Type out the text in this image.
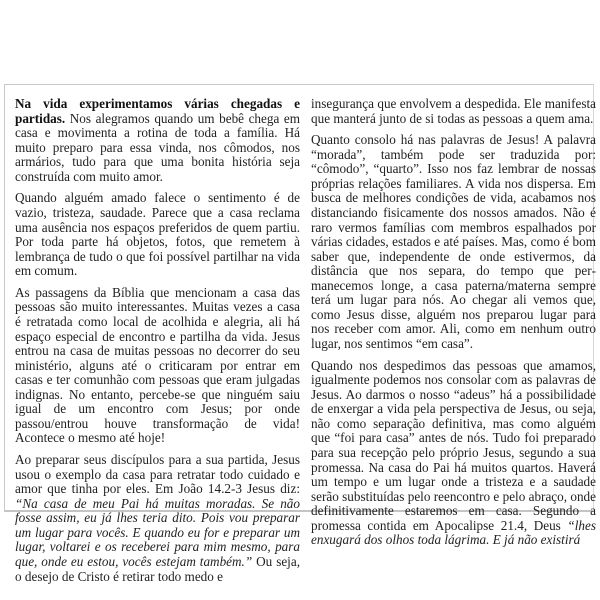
Na vida experimentamos várias chegadas e partidas. Nos alegramos quando um bebê chega em casa e movimenta a rotina de toda a família. Há muito preparo para essa vinda, nos cômodos, nos armários, tudo para que uma bonita história seja construída com muito amor.

Quando alguém amado falece o sentimento é de vazio, tristeza, saudade. Parece que a casa reclama uma ausência nos espaços preferidos de quem partiu. Por toda parte há objetos, fotos, que remetem à lembrança de tudo o que foi possível partilhar na vida em comum.

As passagens da Bíblia que mencionam a casa das pessoas são muito interessantes. Muitas vezes a casa é retratada como local de acolhida e alegria, ali há espaço especial de encontro e partilha da vida. Jesus entrou na casa de muitas pessoas no decorrer do seu ministério, alguns até o criticaram por entrar em casas e ter comunhão com pessoas que eram julgadas indignas. No entanto, percebe-se que ninguém saiu igual de um encontro com Jesus; por onde passou/entrou houve transformação de vida! Acontece o mesmo até hoje!

Ao preparar seus discípulos para a sua partida, Jesus usou o exemplo da casa para retratar todo cuidado e amor que tinha por eles. Em João 14.2-3 Jesus diz: “Na casa de meu Pai há muitas moradas. Se não fosse assim, eu já lhes teria dito. Pois vou preparar um lugar para vocês. E quando eu for e preparar um lugar, voltarei e os receberei para mim mesmo, para que, onde eu estou, vocês estejam também.” Ou seja, o desejo de Cristo é retirar todo medo e

insegurança que envolvem a despedida. Ele manifesta que manterá junto de si todas as pessoas a quem ama.

Quanto consolo há nas palavras de Jesus! A palavra “morada”, também pode ser traduzida por: “cômodo”, “quarto”. Isso nos faz lembrar de nossas próprias relações familiares. A vida nos dispersa. Em busca de melhores condições de vida, acabamos nos distanciando fisicamente dos nossos amados. Não é raro vermos famílias com membros espalhados por várias cidades, estados e até países. Mas, como é bom saber que, independente de onde estivermos, da distância que nos separa, do tempo que permanecemos longe, a casa paterna/materna sempre terá um lugar para nós. Ao chegar ali vemos que, como Jesus disse, alguém nos preparou lugar para nos receber com amor. Ali, como em nenhum outro lugar, nos sentimos “em casa”.

Quando nos despedimos das pessoas que amamos, igualmente podemos nos consolar com as palavras de Jesus. Ao darmos o nosso “adeus” há a possibilidade de enxergar a vida pela perspectiva de Jesus, ou seja, não como separação definitiva, mas como alguém que “foi para casa” antes de nós. Tudo foi preparado para sua recepção pelo próprio Jesus, segundo a sua promessa. Na casa do Pai há muitos quartos. Haverá um tempo e um lugar onde a tristeza e a saudade serão substituídas pelo reencontro e pelo abraço, onde definitivamente estaremos em casa. Segundo a promessa contida em Apocalipse 21.4, Deus “lhes enxugará dos olhos toda lágrima. E já não existirá
